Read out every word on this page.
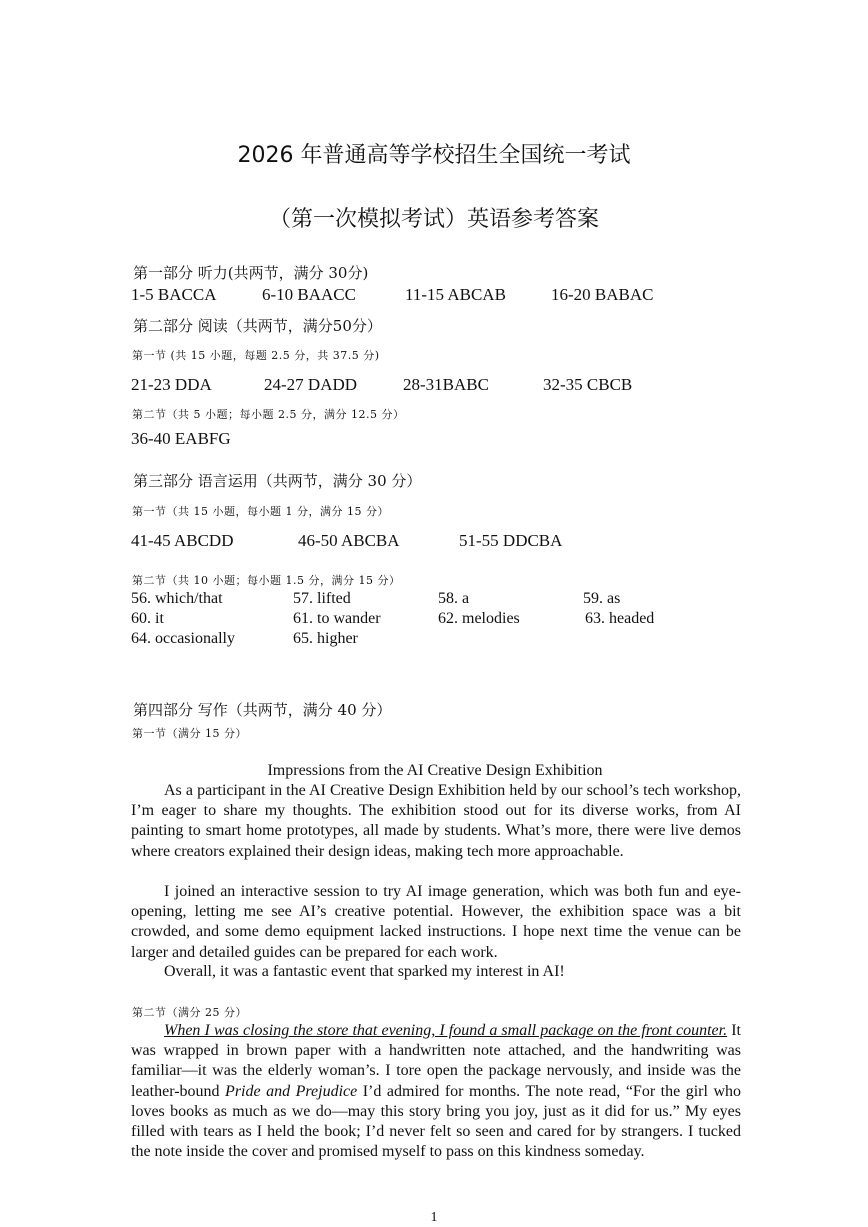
2026 年普通高等学校招生全国统一考试
（第一次模拟考试）英语参考答案
第一部分 听力(共两节，满分 30分)
1-5 BACCA	6-10 BAACC	11-15 ABCAB	16-20 BABAC
第二部分 阅读（共两节，满分50分）
第一节 (共 15 小题，每题 2.5 分，共 37.5 分)
21-23 DDA	24-27 DADD	28-31BABC	32-35 CBCB
第二节（共 5 小题；每小题 2.5 分，满分 12.5 分）
36-40 EABFG
第三部分 语言运用（共两节，满分 30 分）
第一节（共 15 小题，每小题 1 分，满分 15 分）
41-45 ABCDD	46-50 ABCBA	51-55 DDCBA
第二节（共 10 小题；每小题 1.5 分，满分 15 分）
56. which/that	57. lifted	58. a	59. as
60. it	61. to wander	62. melodies	63. headed
64. occasionally	65. higher
第四部分 写作（共两节，满分 40 分）
第一节（满分 15 分）
Impressions from the AI Creative Design Exhibition

As a participant in the AI Creative Design Exhibition held by our school’s tech workshop, I’m eager to share my thoughts. The exhibition stood out for its diverse works, from AI painting to smart home prototypes, all made by students. What’s more, there were live demos where creators explained their design ideas, making tech more approachable.

I joined an interactive session to try AI image generation, which was both fun and eye-opening, letting me see AI’s creative potential. However, the exhibition space was a bit crowded, and some demo equipment lacked instructions. I hope next time the venue can be larger and detailed guides can be prepared for each work.

Overall, it was a fantastic event that sparked my interest in AI!

第二节（满分 25 分）

When I was closing the store that evening, I found a small package on the front counter. It was wrapped in brown paper with a handwritten note attached, and the handwriting was familiar—it was the elderly woman’s. I tore open the package nervously, and inside was the leather-bound Pride and Prejudice I’d admired for months. The note read, “For the girl who loves books as much as we do—may this story bring you joy, just as it did for us.” My eyes filled with tears as I held the book; I’d never felt so seen and cared for by strangers. I tucked the note inside the cover and promised myself to pass on this kindness someday.

1
